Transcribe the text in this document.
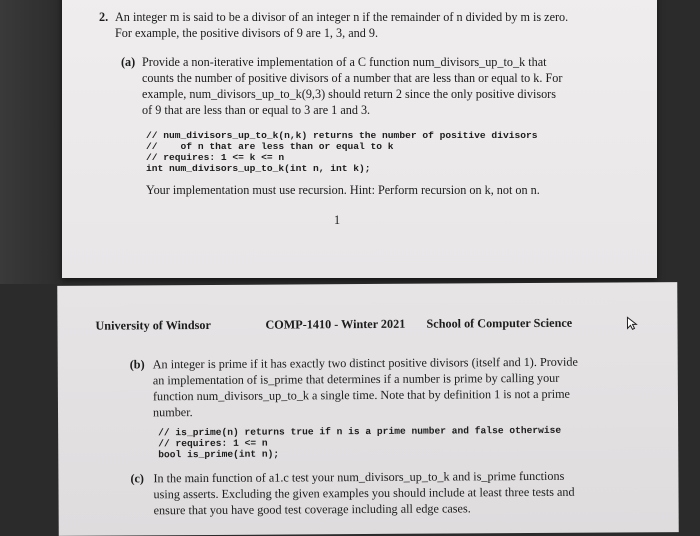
2. An integer m is said to be a divisor of an integer n if the remainder of n divided by m is zero.

For example, the positive divisors of 9 are 1, 3, and 9.

(a) Provide a non-iterative implementation of a C function num_divisors_up_to_k that

counts the number of positive divisors of a number that are less than or equal to k. For

example, num_divisors_up_to_k(9,3) should return 2 since the only positive divisors

of 9 that are less than or equal to 3 are 1 and 3.

// num_divisors_up_to_k(n,k) returns the number of positive divisors

//    of n that are less than or equal to k

// requires: 1 <= k <= n

int num_divisors_up_to_k(int n, int k);

Your implementation must use recursion. Hint: Perform recursion on k, not on n.

1

University of Windsor	COMP-1410 - Winter 2021 School of Computer Science

(b) An integer is prime if it has exactly two distinct positive divisors (itself and 1). Provide

an implementation of is_prime that determines if a number is prime by calling your

function num_divisors_up_to_k a single time. Note that by definition 1 is not a prime

number.

// is_prime(n) returns true if n is a prime number and false otherwise

// requires: 1 <= n

bool is_prime(int n);

(c) In the main function of a1.c test your num_divisors_up_to_k and is_prime functions

using asserts. Excluding the given examples you should include at least three tests and

ensure that you have good test coverage including all edge cases.
